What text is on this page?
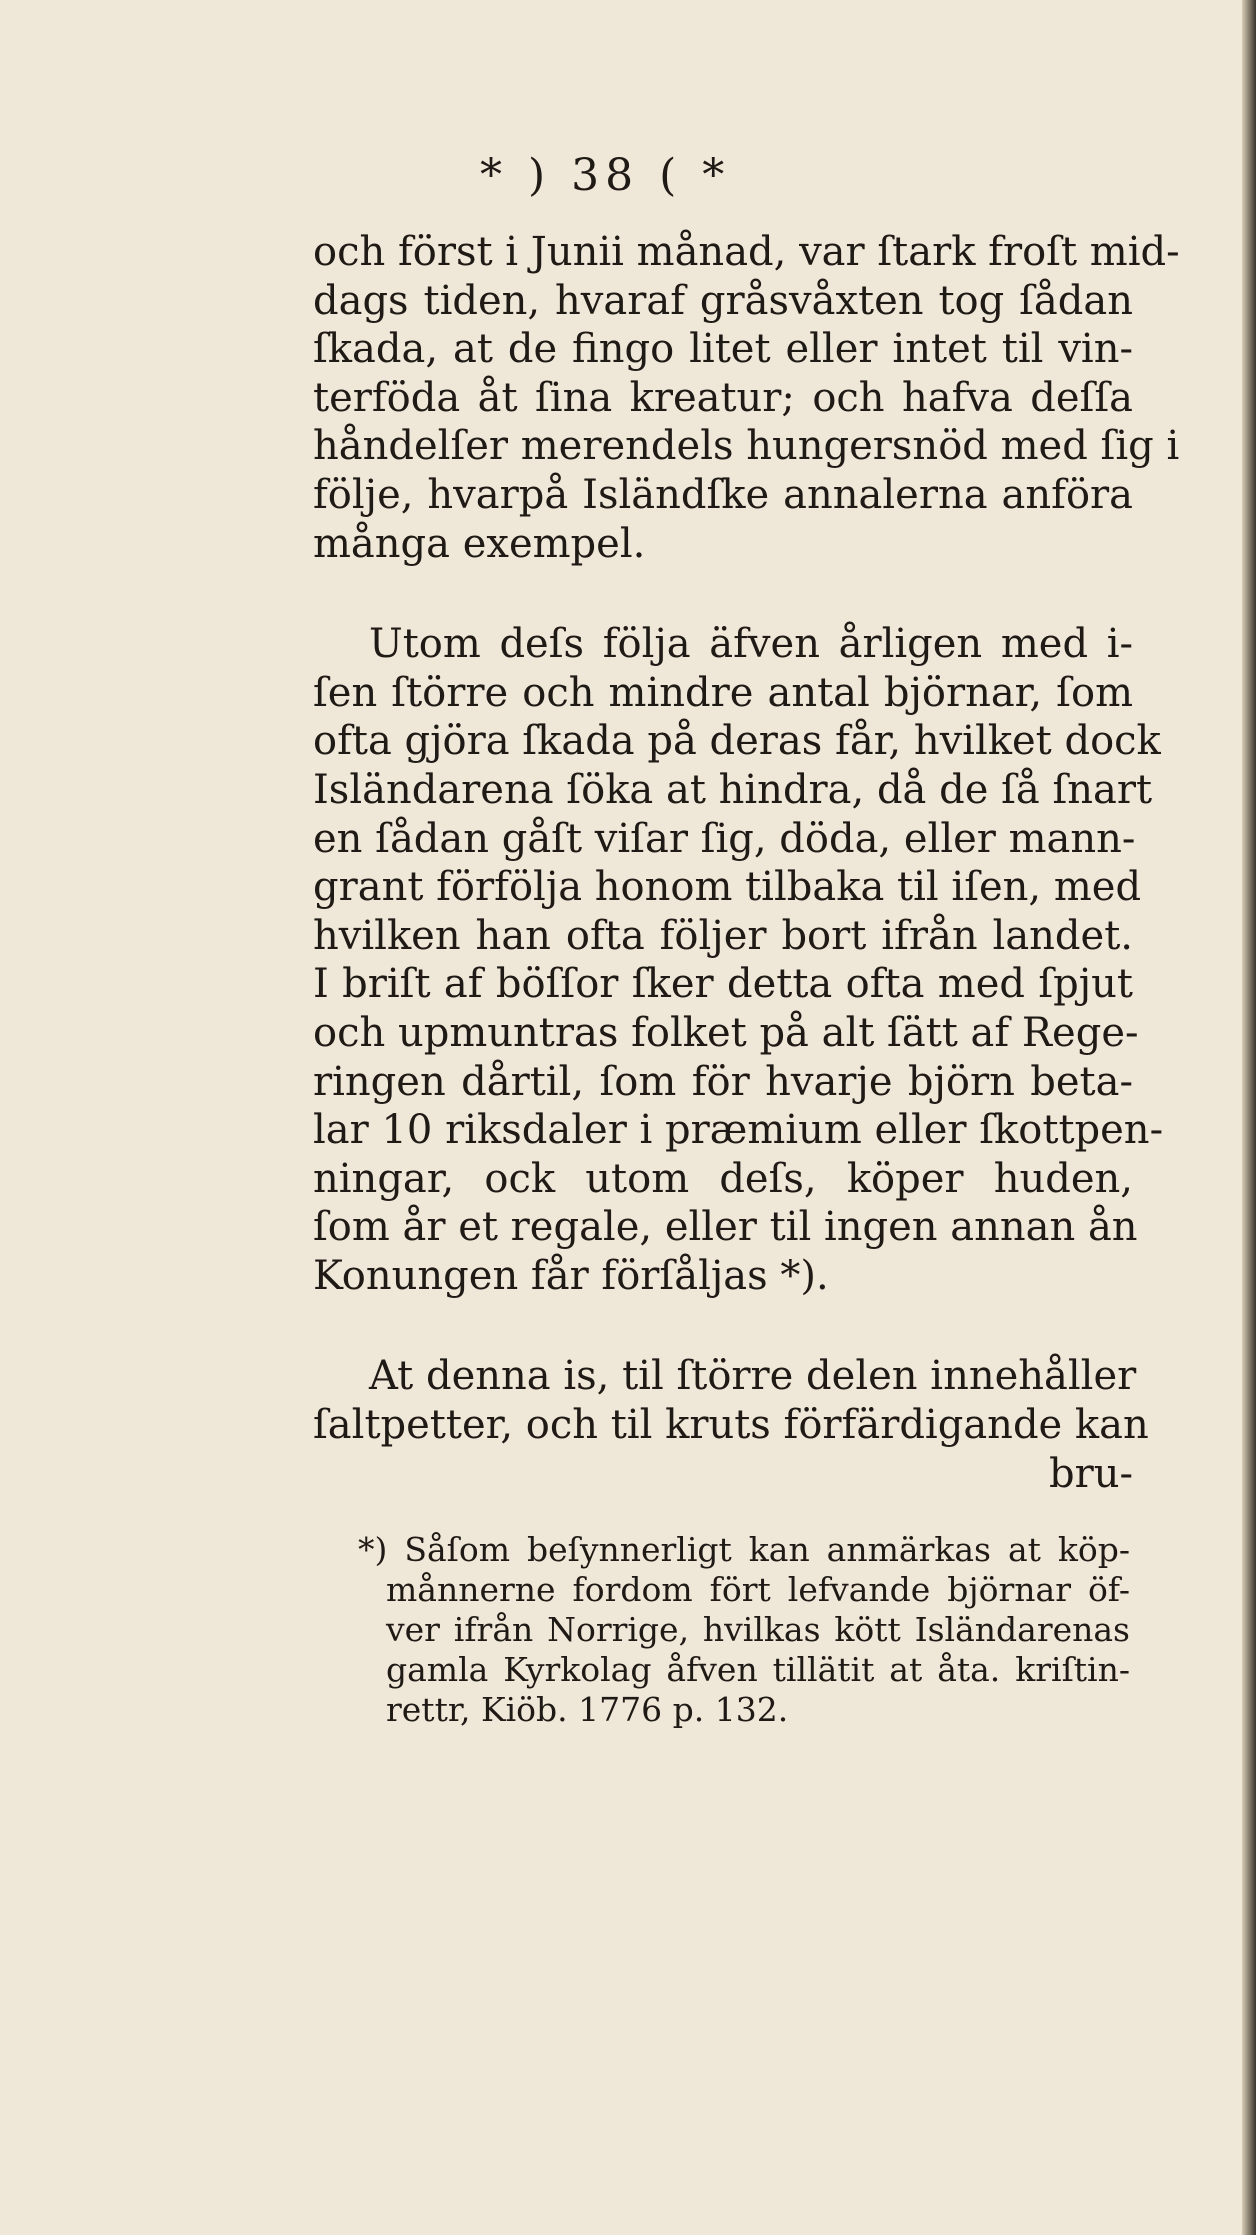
* ) 38 ( *
och först i Junii månad, var ſtark froſt mid-
dags tiden, hvaraf gråsvåxten tog ſådan
ſkada, at de fingo litet eller intet til vin-
terföda åt ſina kreatur; och hafva deſſa
håndelſer merendels hungersnöd med ſig i
följe, hvarpå Isländſke annalerna anföra
många exempel.
Utom deſs följa äfven årligen med i-
ſen ſtörre och mindre antal björnar, ſom
ofta gjöra ſkada på deras får, hvilket dock
Isländarena ſöka at hindra, då de ſå ſnart
en ſådan gåſt viſar ſig, döda, eller mann-
grant förfölja honom tilbaka til iſen, med
hvilken han ofta följer bort ifrån landet.
I briſt af böſſor ſker detta ofta med ſpjut
och upmuntras folket på alt ſätt af Rege-
ringen dårtil, ſom för hvarje björn beta-
lar 10 riksdaler i præmium eller ſkottpen-
ningar, ock utom deſs, köper huden,
ſom år et regale, eller til ingen annan ån
Konungen får förſåljas *).
At denna is, til ſtörre delen innehåller
ſaltpetter, och til kruts förfärdigande kan
bru-
*) Såſom beſynnerligt kan anmärkas at köp-
månnerne fordom fört lefvande björnar öf-
ver ifrån Norrige, hvilkas kött Isländarenas
gamla Kyrkolag åfven tillätit at åta. kriſtin-
rettr, Kiöb. 1776 p. 132.
